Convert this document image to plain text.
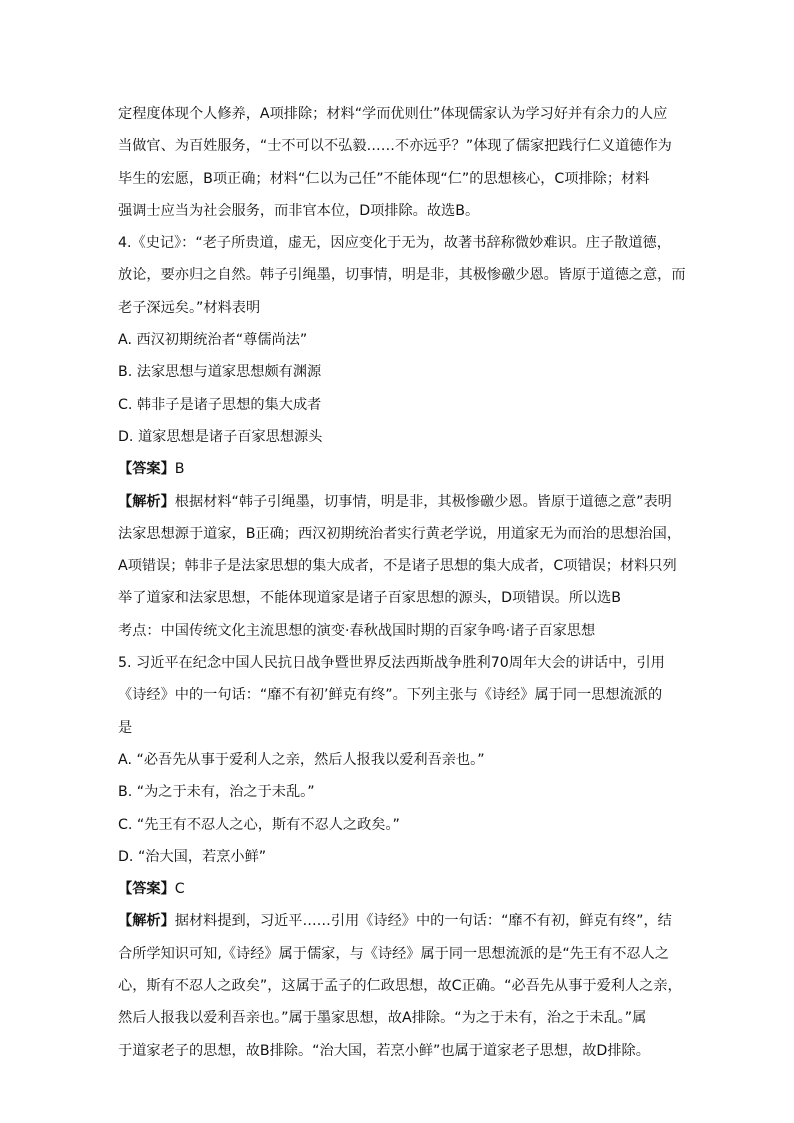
定程度体现个人修养，A项排除；材料“学而优则仕”体现儒家认为学习好并有余力的人应
当做官、为百姓服务，“士不可以不弘毅……不亦远乎？”体现了儒家把践行仁义道德作为
毕生的宏愿，B项正确；材料“仁以为己任”不能体现“仁”的思想核心，C项排除；材料
强调士应当为社会服务，而非官本位，D项排除。故选B。
4.《史记》：“老子所贵道，虚无，因应变化于无为，故著书辞称微妙难识。庄子散道德，
放论，要亦归之自然。韩子引绳墨，切事情，明是非，其极惨礉少恩。皆原于道德之意，而
老子深远矣。”材料表明
A. 西汉初期统治者“尊儒尚法”
B. 法家思想与道家思想颇有渊源
C. 韩非子是诸子思想的集大成者
D. 道家思想是诸子百家思想源头
【答案】B
【解析】根据材料“韩子引绳墨，切事情，明是非，其极惨礉少恩。皆原于道德之意”表明
法家思想源于道家，B正确；西汉初期统治者实行黄老学说，用道家无为而治的思想治国，
A项错误；韩非子是法家思想的集大成者，不是诸子思想的集大成者，C项错误；材料只列
举了道家和法家思想，不能体现道家是诸子百家思想的源头，D项错误。所以选B
考点：中国传统文化主流思想的演变·春秋战国时期的百家争鸣·诸子百家思想
5. 习近平在纪念中国人民抗日战争暨世界反法西斯战争胜利70周年大会的讲话中，引用
《诗经》中的一句话：“靡不有初’鲜克有终”。下列主张与《诗经》属于同一思想流派的
是
A. “必吾先从事于爱利人之亲，然后人报我以爱利吾亲也。”
B. “为之于未有，治之于未乱。”
C. “先王有不忍人之心，斯有不忍人之政矣。”
D. “治大国，若烹小鲜”
【答案】C
【解析】据材料提到，习近平……引用《诗经》中的一句话：“靡不有初，鲜克有终”，结
合所学知识可知,《诗经》属于儒家，与《诗经》属于同一思想流派的是“先王有不忍人之
心，斯有不忍人之政矣”，这属于孟子的仁政思想，故C正确。“必吾先从事于爱利人之亲，
然后人报我以爱利吾亲也。”属于墨家思想，故A排除。“为之于未有，治之于未乱。”属
于道家老子的思想，故B排除。“治大国，若烹小鲜”也属于道家老子思想，故D排除。
